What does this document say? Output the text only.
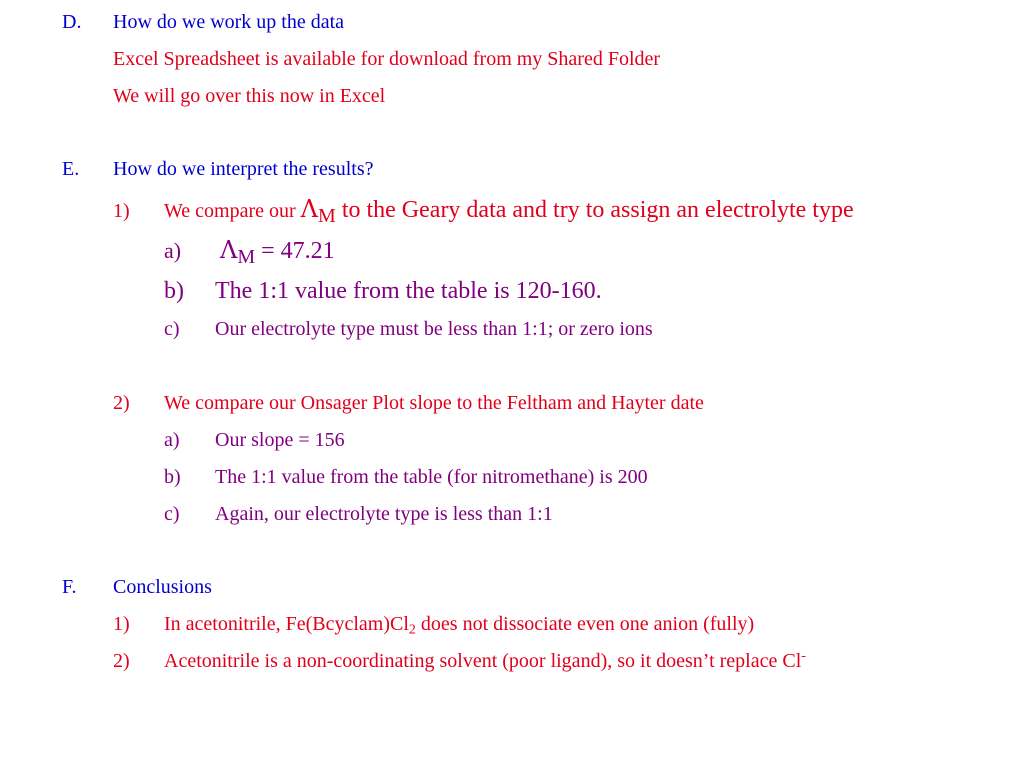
D. How do we work up the data
Excel Spreadsheet is available for download from my Shared Folder
We will go over this now in Excel
E. How do we interpret the results?
1) We compare our $\Lambda_M$ to the Geary data and try to assign an electrolyte type
a) $\Lambda_M = 47.21$
b) The 1:1 value from the table is 120-160.
c) Our electrolyte type must be less than 1:1; or zero ions
2) We compare our Onsager Plot slope to the Feltham and Hayter date
a) Our slope = 156
b) The 1:1 value from the table (for nitromethane) is 200
c) Again, our electrolyte type is less than 1:1
F. Conclusions
1) In acetonitrile, $Fe(Bcyclam)Cl_2$ does not dissociate even one anion (fully)
2) Acetonitrile is a non-coordinating solvent (poor ligand), so it doesn’t replace Cl-
